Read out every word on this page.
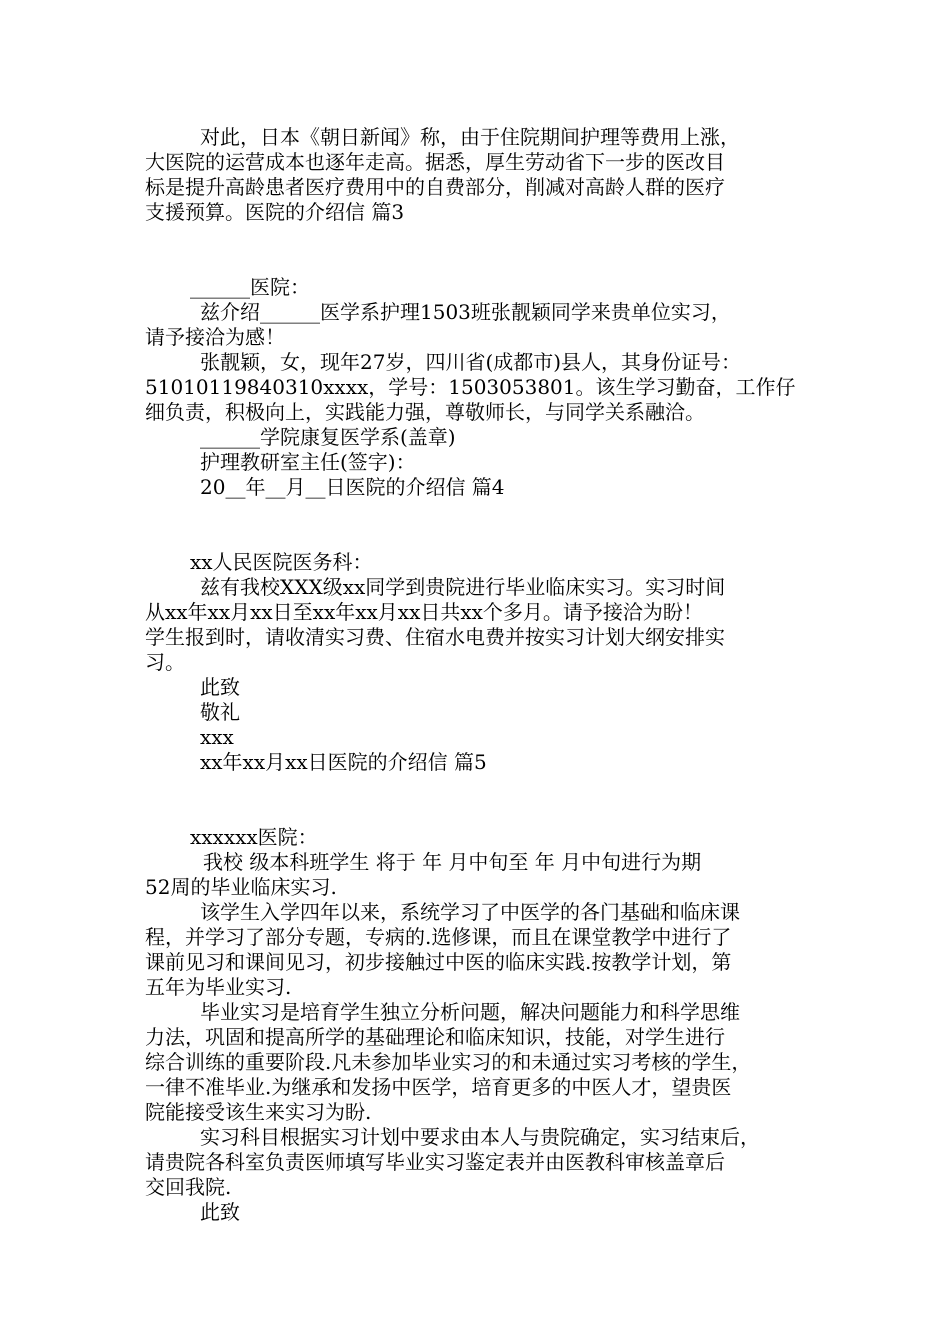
对此，日本《朝日新闻》称，由于住院期间护理等费用上涨，
大医院的运营成本也逐年走高。据悉，厚生劳动省下一步的医改目
标是提升高龄患者医疗费用中的自费部分，削减对高龄人群的医疗
支援预算。医院的介绍信 篇3
______医院：
兹介绍______医学系护理1503班张靓颖同学来贵单位实习，
请予接洽为感！
张靓颖，女，现年27岁，四川省(成都市)县人，其身份证号：
51010119840310xxxx，学号：1503053801。该生学习勤奋，工作仔
细负责，积极向上，实践能力强，尊敬师长，与同学关系融洽。
______学院康复医学系(盖章)
护理教研室主任(签字)：
20__年__月__日医院的介绍信 篇4
xx人民医院医务科：
兹有我校XXX级xx同学到贵院进行毕业临床实习。实习时间
从xx年xx月xx日至xx年xx月xx日共xx个多月。请予接洽为盼！
学生报到时，请收清实习费、住宿水电费并按实习计划大纲安排实
习。
此致
敬礼
xxx
xx年xx月xx日医院的介绍信 篇5
xxxxxx医院：
我校 级本科班学生 将于 年 月中旬至 年 月中旬进行为期
52周的毕业临床实习.
该学生入学四年以来，系统学习了中医学的各门基础和临床课
程，并学习了部分专题，专病的.选修课，而且在课堂教学中进行了
课前见习和课间见习，初步接触过中医的临床实践.按教学计划，第
五年为毕业实习.
毕业实习是培育学生独立分析问题，解决问题能力和科学思维
力法，巩固和提高所学的基础理论和临床知识，技能，对学生进行
综合训练的重要阶段.凡未参加毕业实习的和未通过实习考核的学生，
一律不准毕业.为继承和发扬中医学，培育更多的中医人才，望贵医
院能接受该生来实习为盼.
实习科目根据实习计划中要求由本人与贵院确定，实习结束后，
请贵院各科室负责医师填写毕业实习鉴定表并由医教科审核盖章后
交回我院.
此致
